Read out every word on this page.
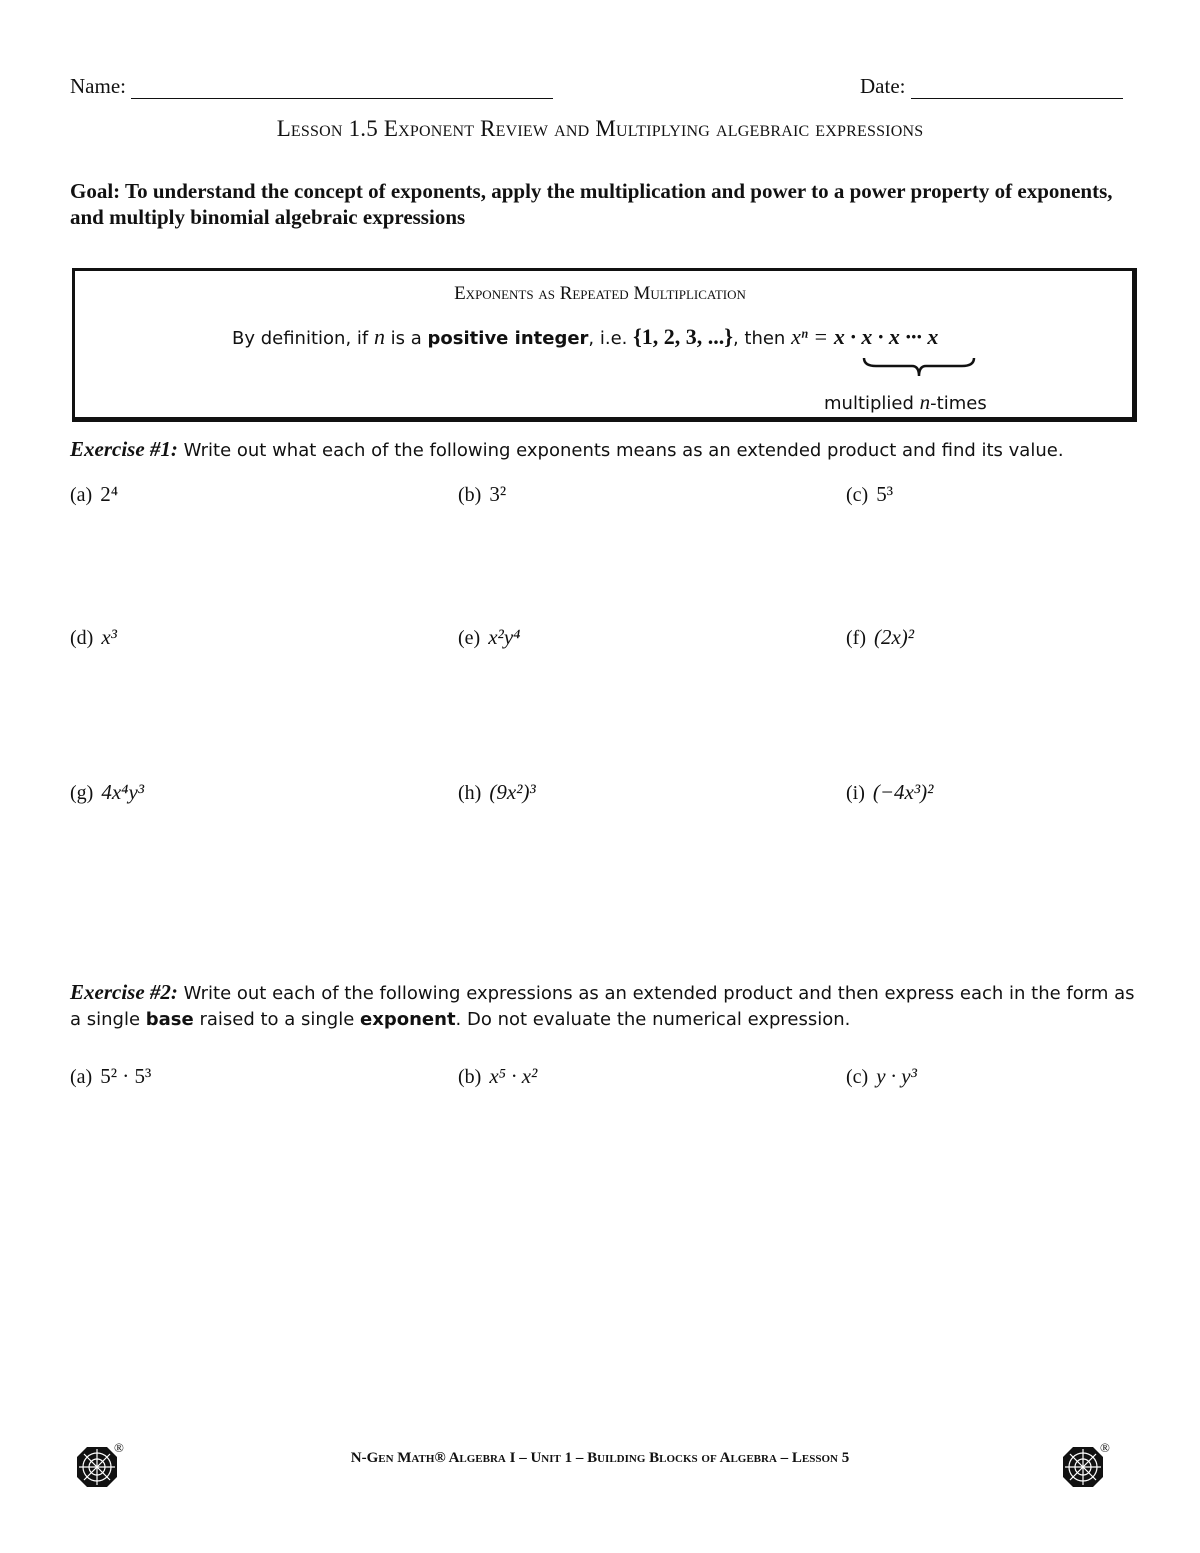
Name:	Date:
Lesson 1.5 Exponent Review and Multiplying algebraic expressions
Goal: To understand the concept of exponents, apply the multiplication and power to a power property of exponents, and multiply binomial algebraic expressions
Exponents as Repeated Multiplication
By definition, if n is a positive integer, i.e. {1, 2, 3, ...}, then xⁿ = x · x · x ··· x
multiplied n-times
Exercise #1: Write out what each of the following exponents means as an extended product and find its value.
(a) 2⁴	(b) 3²	(c) 5³
(d) x³	(e) x²y⁴	(f) (2x)²
(g) 4x⁴y³	(h) (9x²)³	(i) (−4x³)²
Exercise #2: Write out each of the following expressions as an extended product and then express each in the form as a single base raised to a single exponent. Do not evaluate the numerical expression.
(a) 5² · 5³	(b) x⁵ · x²	(c) y · y³
®
N-Gen Math® Algebra I – Unit 1 – Building Blocks of Algebra – Lesson 5
®
